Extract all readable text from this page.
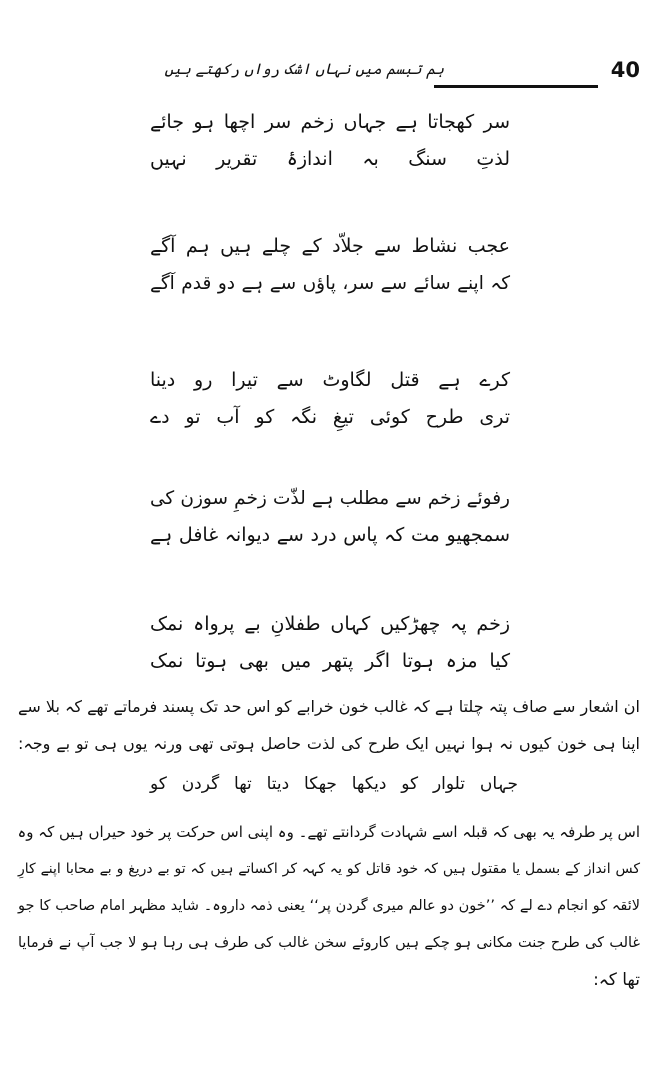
40
ہم تبسم میں نہاں اشک رواں رکھتے ہیں

سر کھجاتا ہے جہاں زخم سر اچھا ہو جائے

لذتِ سنگ بہ اندازۂ تقریر نہیں

عجب نشاط سے جلاّد کے چلے ہیں ہم آگے

کہ اپنے سائے سے سر، پاؤں سے ہے دو قدم آگے

کرے ہے قتل لگاوٹ سے تیرا رو دینا

تری طرح کوئی تیغِ نگہ کو آب تو دے

رفوئے زخم سے مطلب ہے لذّت زخمِ سوزن کی

سمجھیو مت کہ پاس درد سے دیوانہ غافل ہے

زخم پہ چھڑکیں کہاں طفلانِ بے پرواہ نمک

کیا مزہ ہوتا اگر پتھر میں بھی ہوتا نمک

ان اشعار سے صاف پتہ چلتا ہے کہ غالب خون خرابے کو اس حد تک پسند فرماتے تھے کہ بلا سے

اپنا ہی خون کیوں نہ ہوا نہیں ایک طرح کی لذت حاصل ہوتی تھی ورنہ یوں ہی تو بے وجہ:

جہاں تلوار کو دیکھا جھکا دیتا تھا گردن کو

اس پر طرفہ یہ بھی کہ قبلہ اسے شہادت گردانتے تھے۔ وہ اپنی اس حرکت پر خود حیراں ہیں کہ وہ

کس انداز کے بسمل یا مقتول ہیں کہ خود قاتل کو یہ کہہ کر اکساتے ہیں کہ تو بے دریغ و بے محابا اپنے کارِ

لائقہ کو انجام دے لے کہ ’’خون دو عالم میری گردن پر‘‘ یعنی ذمہ داروہ۔ شاید مظہر امام صاحب کا جو

غالب کی طرح جنت مکانی ہو چکے ہیں کاروئے سخن غالب کی طرف ہی رہا ہو لا جب آپ نے فرمایا

تھا کہ:
